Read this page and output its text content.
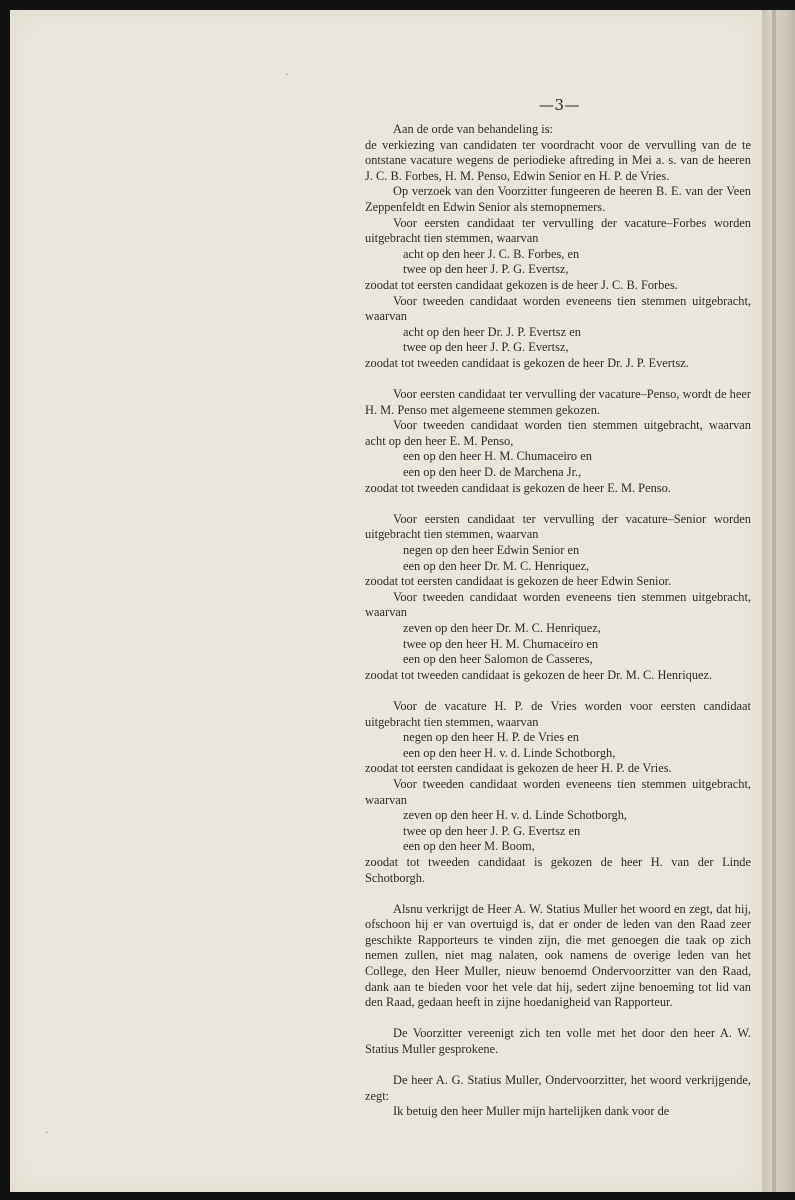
—3—

Aan de orde van behandeling is:

de verkiezing van candidaten ter voordracht voor de vervulling van de te ontstane vacature wegens de periodieke aftreding in Mei a. s. van de heeren J. C. B. Forbes, H. M. Penso, Edwin Senior en H. P. de Vries.

Op verzoek van den Voorzitter fungeeren de heeren B. E. van der Veen Zeppenfeldt en Edwin Senior als stemopnemers.

Voor eersten candidaat ter vervulling der vacature–Forbes worden uitgebracht tien stemmen, waarvan

acht op den heer J. C. B. Forbes, en

twee op den heer J. P. G. Evertsz,

zoodat tot eersten candidaat gekozen is de heer J. C. B. Forbes.

Voor tweeden candidaat worden eveneens tien stemmen uitgebracht, waarvan

acht op den heer Dr. J. P. Evertsz en

twee op den heer J. P. G. Evertsz,

zoodat tot tweeden candidaat is gekozen de heer Dr. J. P. Evertsz.

Voor eersten candidaat ter vervulling der vacature–Penso, wordt de heer H. M. Penso met algemeene stemmen gekozen.

Voor tweeden candidaat worden tien stemmen uitgebracht, waarvan acht op den heer E. M. Penso,

een op den heer H. M. Chumaceiro en

een op den heer D. de Marchena Jr.,

zoodat tot tweeden candidaat is gekozen de heer E. M. Penso.

Voor eersten candidaat ter vervulling der vacature–Senior worden uitgebracht tien stemmen, waarvan

negen op den heer Edwin Senior en

een op den heer Dr. M. C. Henriquez,

zoodat tot eersten candidaat is gekozen de heer Edwin Senior.

Voor tweeden candidaat worden eveneens tien stemmen uitgebracht, waarvan

zeven op den heer Dr. M. C. Henriquez,

twee op den heer H. M. Chumaceiro en

een op den heer Salomon de Casseres,

zoodat tot tweeden candidaat is gekozen de heer Dr. M. C. Henriquez.

Voor de vacature H. P. de Vries worden voor eersten candidaat uitgebracht tien stemmen, waarvan

negen op den heer H. P. de Vries en

een op den heer H. v. d. Linde Schotborgh,

zoodat tot eersten candidaat is gekozen de heer H. P. de Vries.

Voor tweeden candidaat worden eveneens tien stemmen uitgebracht, waarvan

zeven op den heer H. v. d. Linde Schotborgh,

twee op den heer J. P. G. Evertsz en

een op den heer M. Boom,

zoodat tot tweeden candidaat is gekozen de heer H. van der Linde Schotborgh.

Alsnu verkrijgt de Heer A. W. Statius Muller het woord en zegt, dat hij, ofschoon hij er van overtuigd is, dat er onder de leden van den Raad zeer geschikte Rapporteurs te vinden zijn, die met genoegen die taak op zich nemen zullen, niet mag nalaten, ook namens de overige leden van het College, den Heer Muller, nieuw benoemd Ondervoorzitter van den Raad, dank aan te bieden voor het vele dat hij, sedert zijne benoeming tot lid van den Raad, gedaan heeft in zijne hoedanigheid van Rapporteur.

De Voorzitter vereenigt zich ten volle met het door den heer A. W. Statius Muller gesprokene.

De heer A. G. Statius Muller, Ondervoorzitter, het woord verkrijgende, zegt:

Ik betuig den heer Muller mijn hartelijken dank voor de

·
·
